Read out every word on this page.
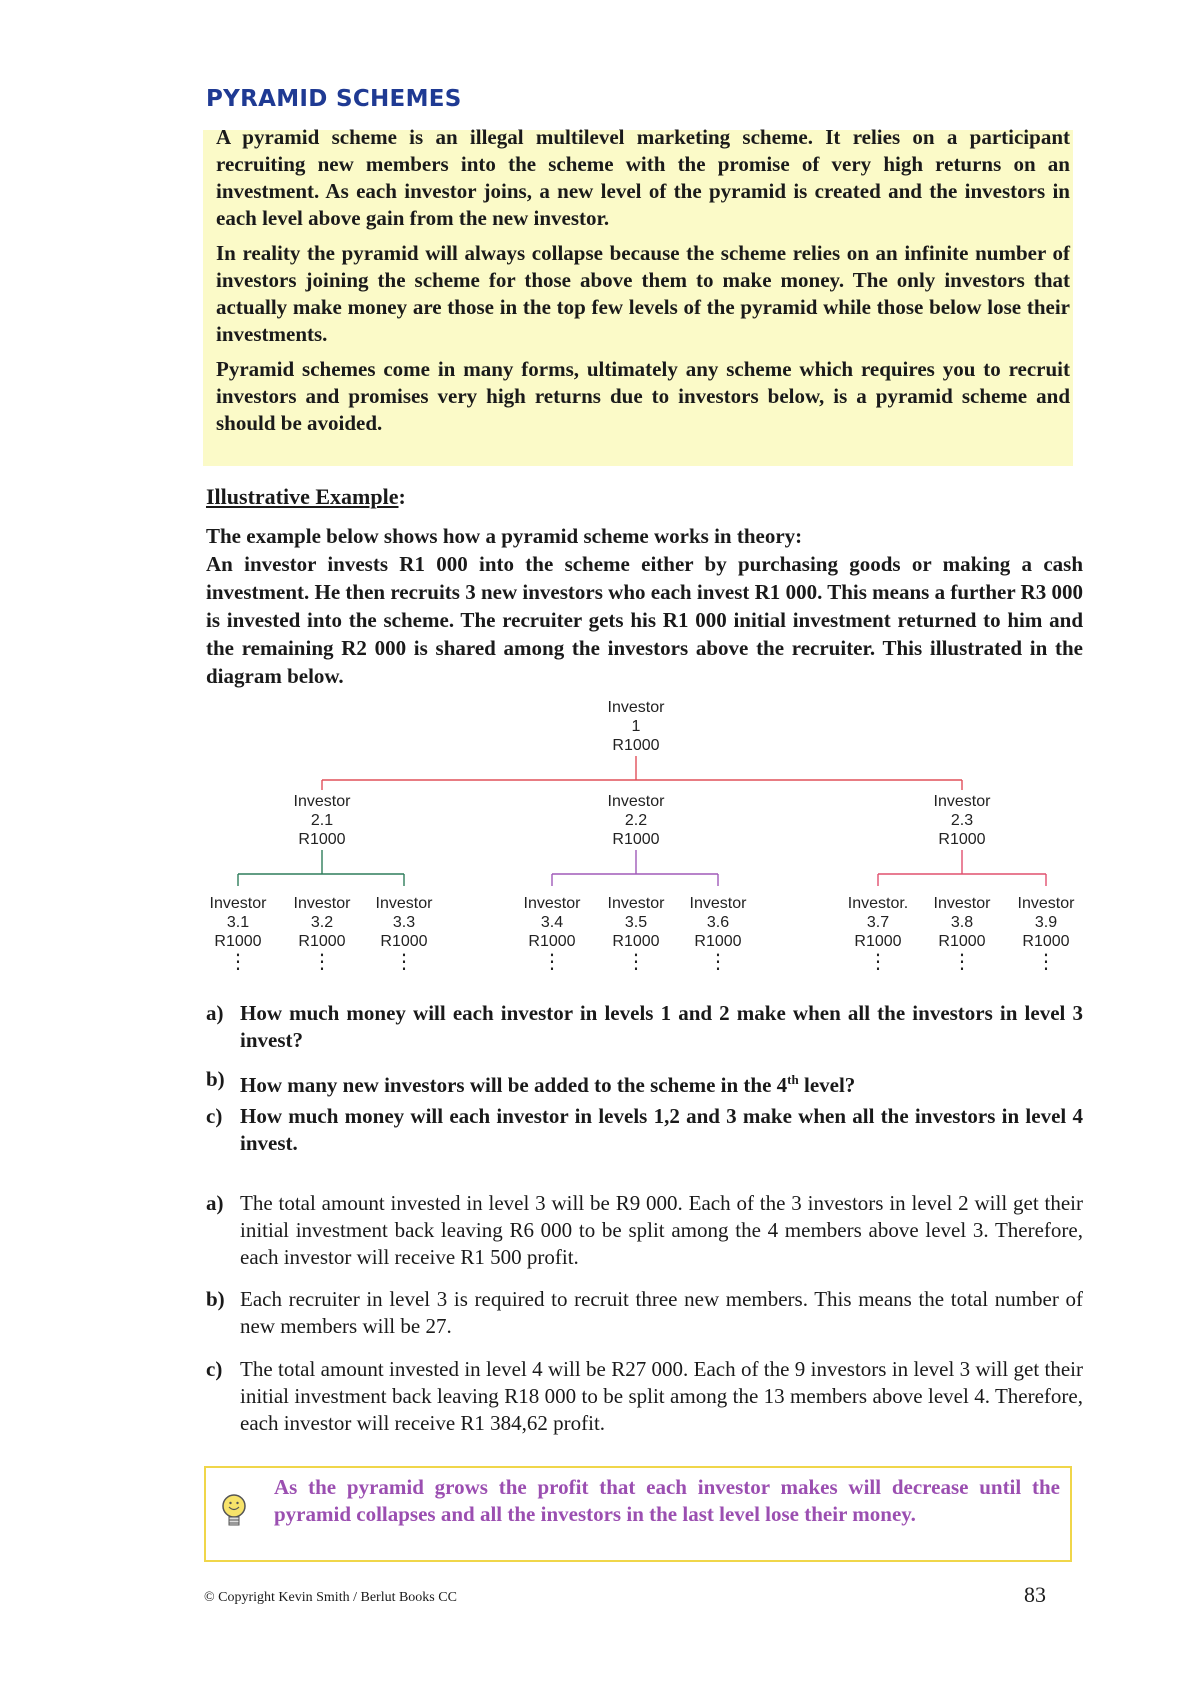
PYRAMID SCHEMES
A pyramid scheme is an illegal multilevel marketing scheme. It relies on a participant recruiting new members into the scheme with the promise of very high returns on an investment. As each investor joins, a new level of the pyramid is created and the investors in each level above gain from the new investor.
In reality the pyramid will always collapse because the scheme relies on an infinite number of investors joining the scheme for those above them to make money. The only investors that actually make money are those in the top few levels of the pyramid while those below lose their investments.
Pyramid schemes come in many forms, ultimately any scheme which requires you to recruit investors and promises very high returns due to investors below, is a pyramid scheme and should be avoided.
Illustrative Example:
The example below shows how a pyramid scheme works in theory:
An investor invests R1 000 into the scheme either by purchasing goods or making a cash investment. He then recruits 3 new investors who each invest R1 000. This means a further R3 000 is invested into the scheme. The recruiter gets his R1 000 initial investment returned to him and the remaining R2 000 is shared among the investors above the recruiter. This illustrated in the diagram below.
Investor
1
R1000
Investor
2.1
R1000
Investor
2.2
R1000
Investor
2.3
R1000
Investor
3.1
R1000
⋮
Investor
3.2
R1000
⋮
Investor
3.3
R1000
⋮
Investor
3.4
R1000
⋮
Investor
3.5
R1000
⋮
Investor
3.6
R1000
⋮
Investor.
3.7
R1000
⋮
Investor
3.8
R1000
⋮
Investor
3.9
R1000
⋮
a) How much money will each investor in levels 1 and 2 make when all the investors in level 3 invest?
b) How many new investors will be added to the scheme in the 4th level?
c) How much money will each investor in levels 1,2 and 3 make when all the investors in level 4 invest.
a) The total amount invested in level 3 will be R9 000. Each of the 3 investors in level 2 will get their initial investment back leaving R6 000 to be split among the 4 members above level 3. Therefore, each investor will receive R1 500 profit.
b) Each recruiter in level 3 is required to recruit three new members. This means the total number of new members will be 27.
c) The total amount invested in level 4 will be R27 000. Each of the 9 investors in level 3 will get their initial investment back leaving R18 000 to be split among the 13 members above level 4. Therefore, each investor will receive R1 384,62 profit.
As the pyramid grows the profit that each investor makes will decrease until the pyramid collapses and all the investors in the last level lose their money.
© Copyright Kevin Smith / Berlut Books CC	83
